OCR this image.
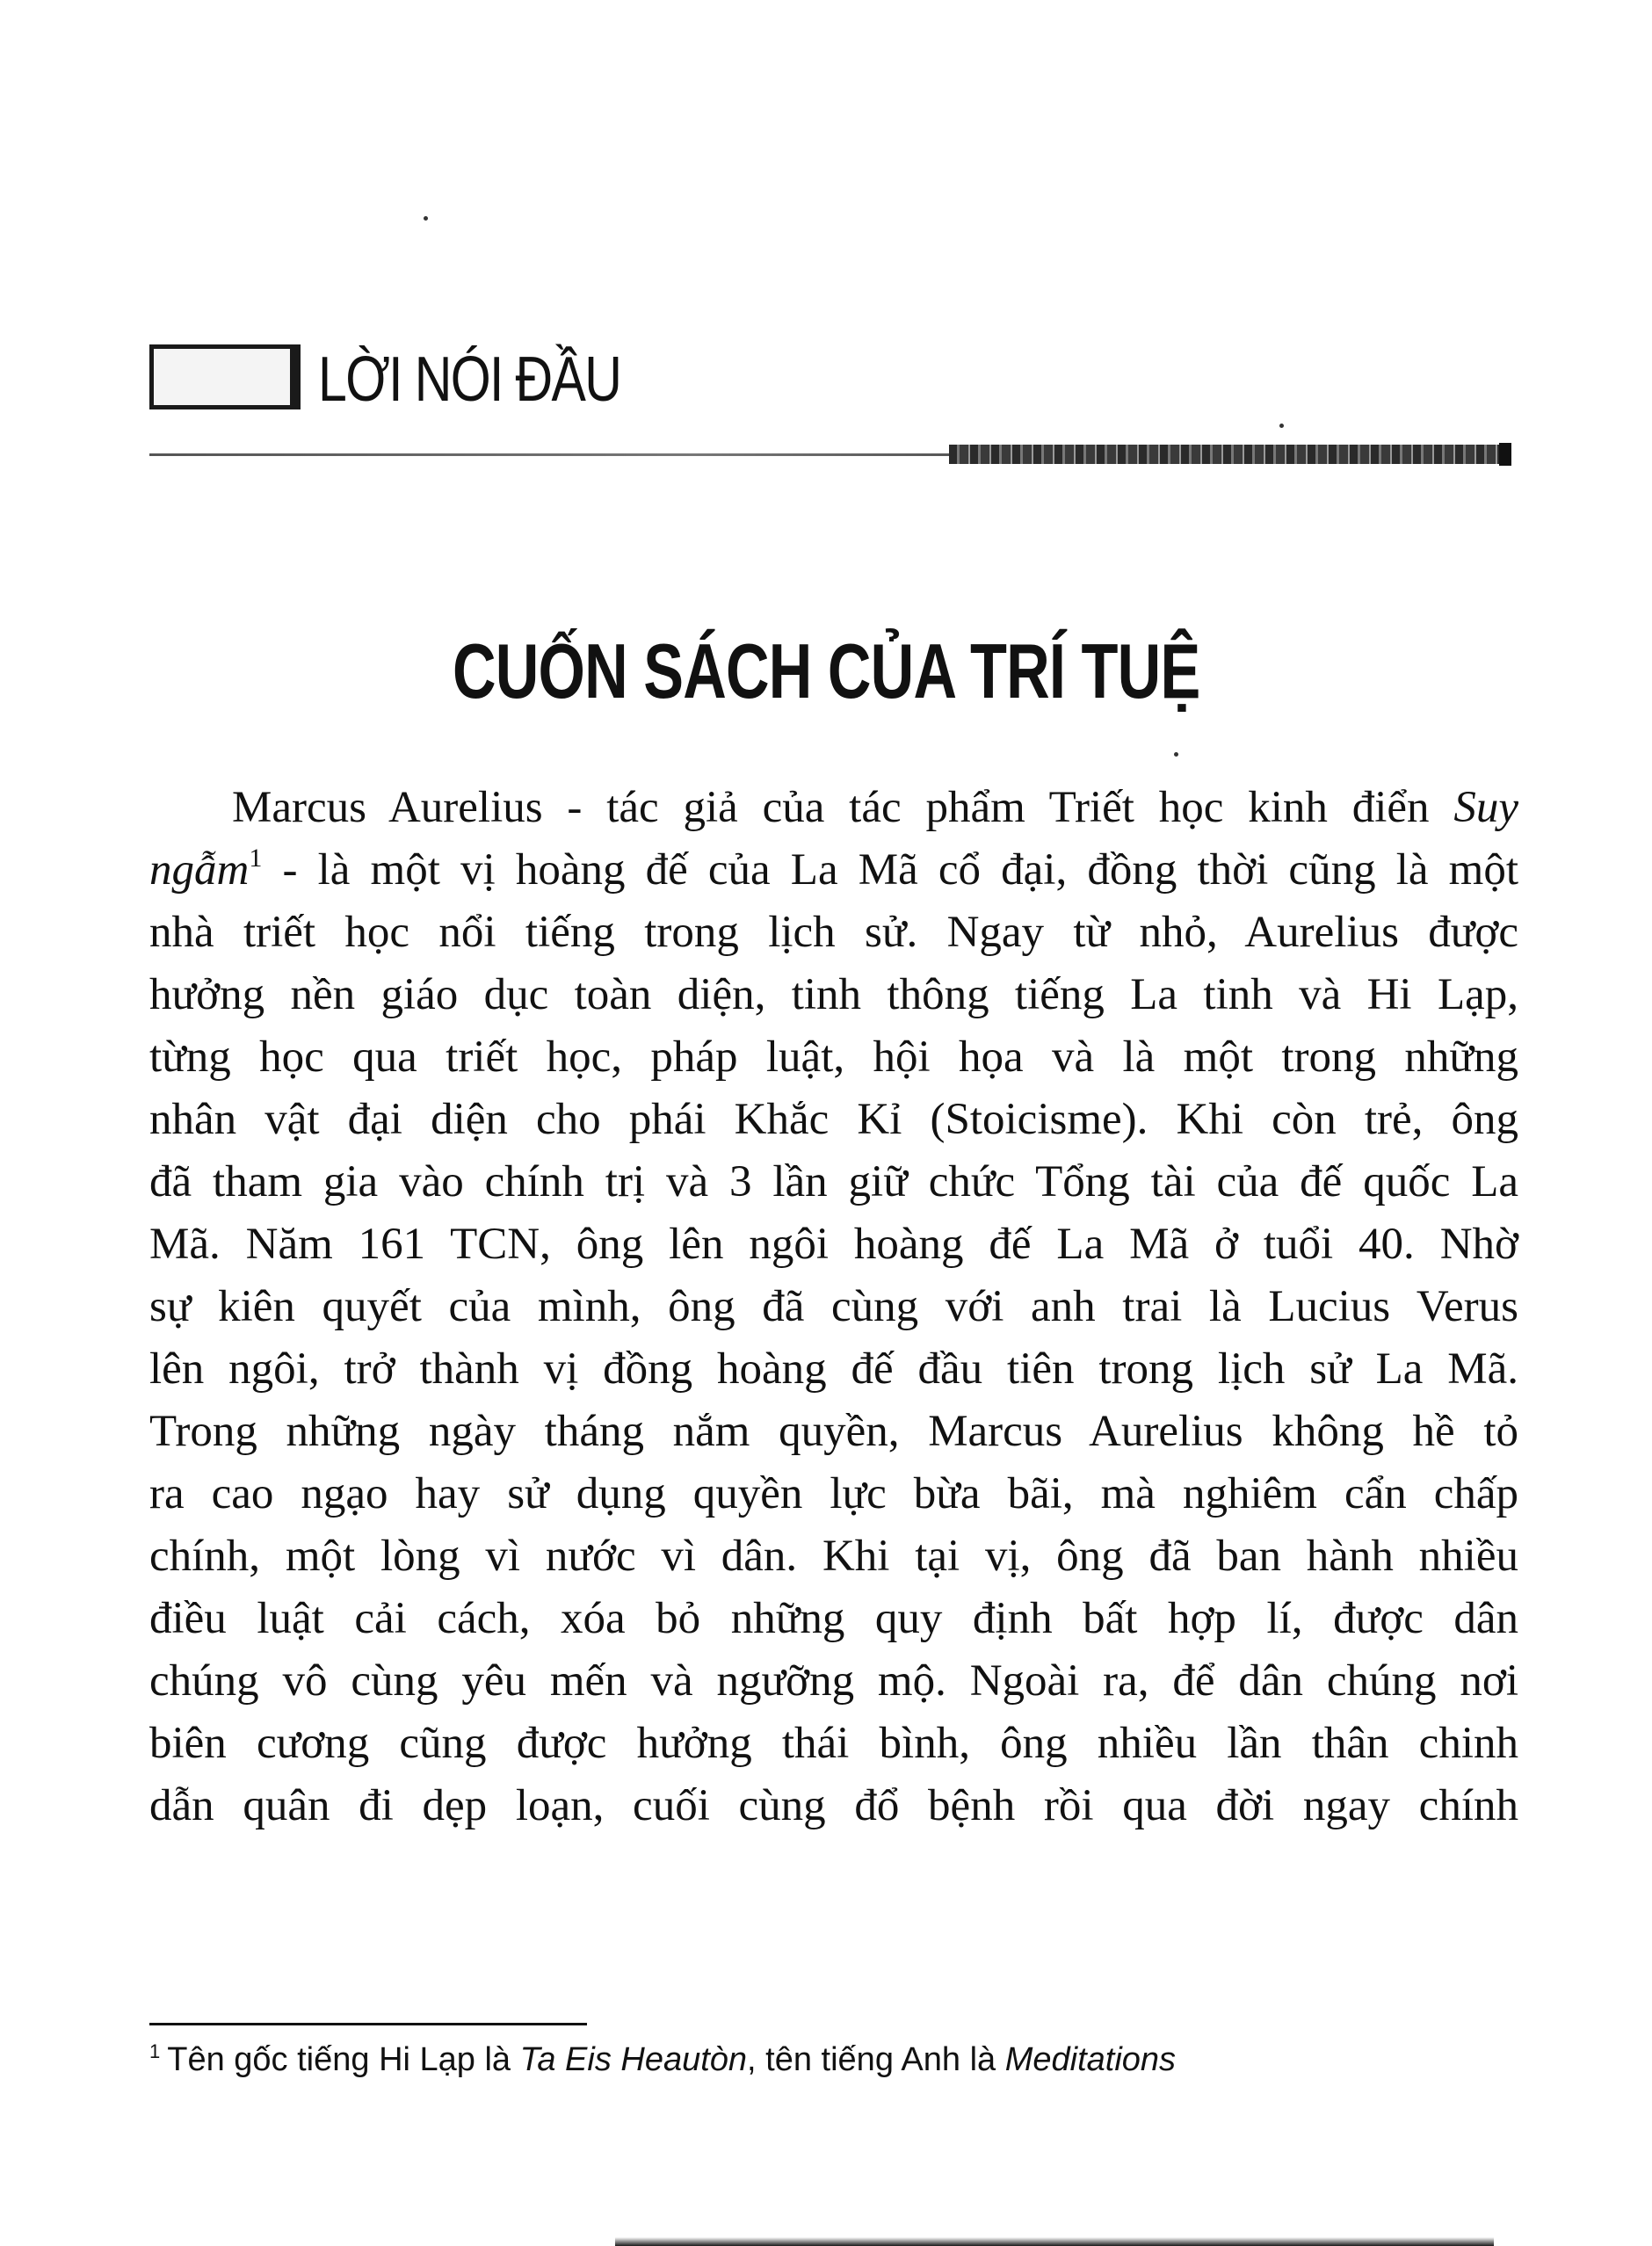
LỜI NÓI ĐẦU
CUỐN SÁCH CỦA TRÍ TUỆ
Marcus Aurelius - tác giả của tác phẩm Triết học kinh điển Suy
ngẫm$^1$ - là một vị hoàng đế của La Mã cổ đại, đồng thời cũng là một
nhà triết học nổi tiếng trong lịch sử. Ngay từ nhỏ, Aurelius được
hưởng nền giáo dục toàn diện, tinh thông tiếng La tinh và Hi Lạp,
từng học qua triết học, pháp luật, hội họa và là một trong những
nhân vật đại diện cho phái Khắc Kỉ (Stoicisme). Khi còn trẻ, ông
đã tham gia vào chính trị và 3 lần giữ chức Tổng tài của đế quốc La
Mã. Năm 161 TCN, ông lên ngôi hoàng đế La Mã ở tuổi 40. Nhờ
sự kiên quyết của mình, ông đã cùng với anh trai là Lucius Verus
lên ngôi, trở thành vị đồng hoàng đế đầu tiên trong lịch sử La Mã.
Trong những ngày tháng nắm quyền, Marcus Aurelius không hề tỏ
ra cao ngạo hay sử dụng quyền lực bừa bãi, mà nghiêm cẩn chấp
chính, một lòng vì nước vì dân. Khi tại vị, ông đã ban hành nhiều
điều luật cải cách, xóa bỏ những quy định bất hợp lí, được dân
chúng vô cùng yêu mến và ngưỡng mộ. Ngoài ra, để dân chúng nơi
biên cương cũng được hưởng thái bình, ông nhiều lần thân chinh
dẫn quân đi dẹp loạn, cuối cùng đổ bệnh rồi qua đời ngay chính
$^1$ Tên gốc tiếng Hi Lạp là Ta Eis Heautòn, tên tiếng Anh là Meditations
